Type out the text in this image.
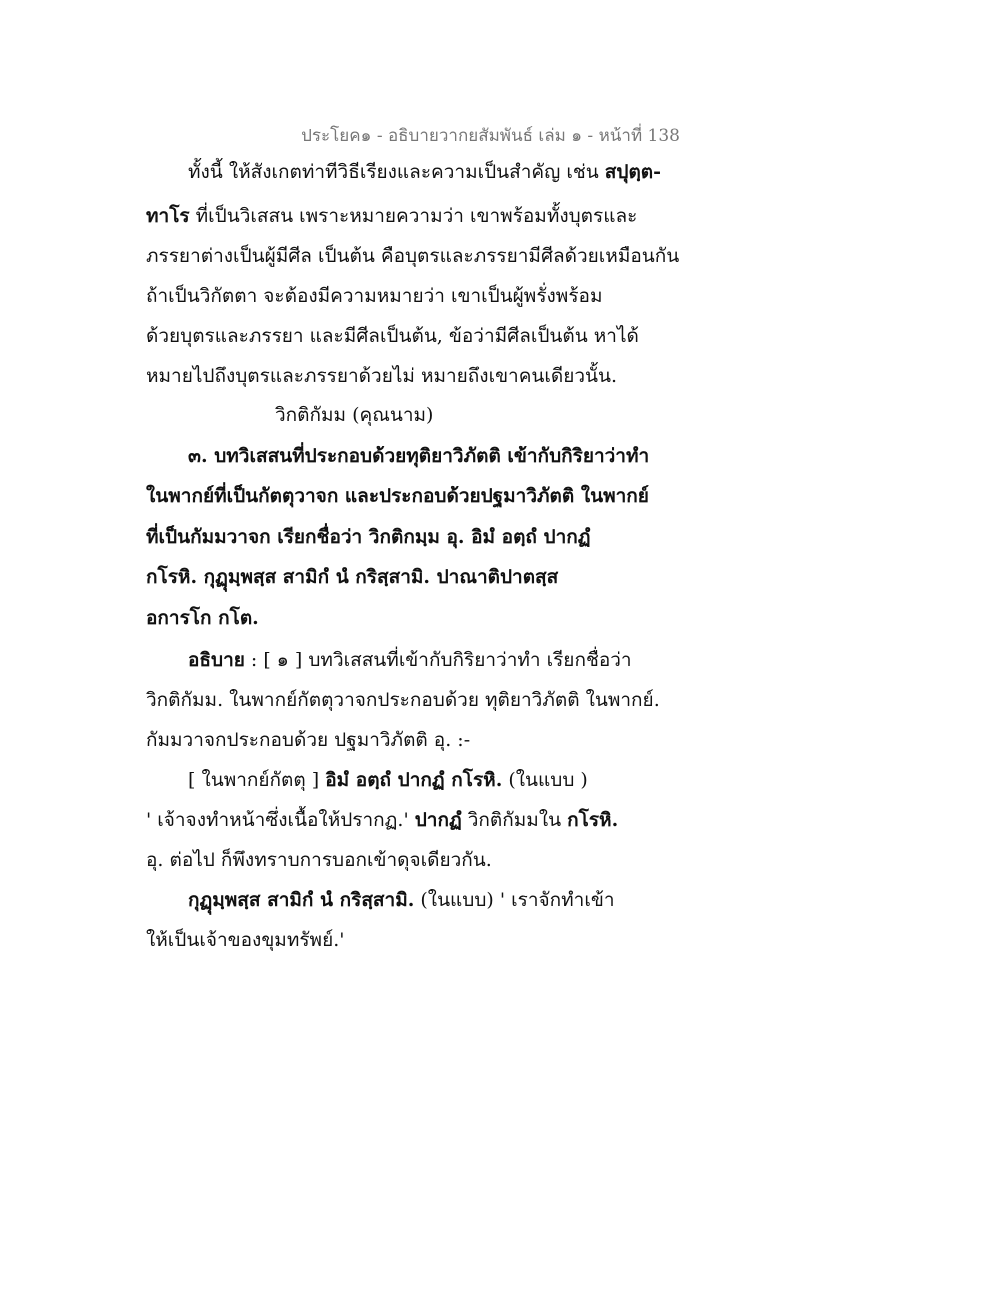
ประโยค๑ - อธิบายวากยสัมพันธ์ เล่ม ๑ - หน้าที่ 138
ทั้งนี้ ให้สังเกตท่าทีวิธีเรียงและความเป็นสำคัญ เช่น สปุตฺต-
ทาโร ที่เป็นวิเสสน เพราะหมายความว่า เขาพร้อมทั้งบุตรและ
ภรรยาต่างเป็นผู้มีศีล เป็นต้น คือบุตรและภรรยามีศีลด้วยเหมือนกัน
ถ้าเป็นวิกัตตา จะต้องมีความหมายว่า เขาเป็นผู้พรั่งพร้อม
ด้วยบุตรและภรรยา และมีศีลเป็นต้น, ข้อว่ามีศีลเป็นต้น หาได้
หมายไปถึงบุตรและภรรยาด้วยไม่ หมายถึงเขาคนเดียวนั้น.
วิกติกัมม (คุณนาม)
๓. บทวิเสสนที่ประกอบด้วยทุติยาวิภัตติ เข้ากับกิริยาว่าทำ
ในพากย์ที่เป็นกัตตุวาจก และประกอบด้วยปฐมาวิภัตติ ในพากย์
ที่เป็นกัมมวาจก เรียกชื่อว่า วิกติกมฺม อุ. อิมํ อตฺถํ ปากฏํ
กโรหิ. กุฏุมฺพสฺส สามิกํ นํ กริสฺสามิ. ปาณาติปาตสฺส
อการโก กโต.
อธิบาย : [ ๑ ] บทวิเสสนที่เข้ากับกิริยาว่าทำ เรียกชื่อว่า
วิกติกัมม. ในพากย์กัตตุวาจกประกอบด้วย ทุติยาวิภัตติ ในพากย์.
กัมมวาจกประกอบด้วย ปฐมาวิภัตติ อุ. :-
[ ในพากย์กัตตุ ] อิมํ อตฺถํ ปากฏํ กโรหิ. (ในแบบ )
' เจ้าจงทำหน้าซึ่งเนื้อให้ปรากฏ.' ปากฏํ วิกติกัมมใน กโรหิ.
อุ. ต่อไป ก็พึงทราบการบอกเข้าดุจเดียวกัน.
กุฏุมฺพสฺส สามิกํ นํ กริสฺสามิ. (ในแบบ) ' เราจักทำเข้า
ให้เป็นเจ้าของขุมทรัพย์.'
